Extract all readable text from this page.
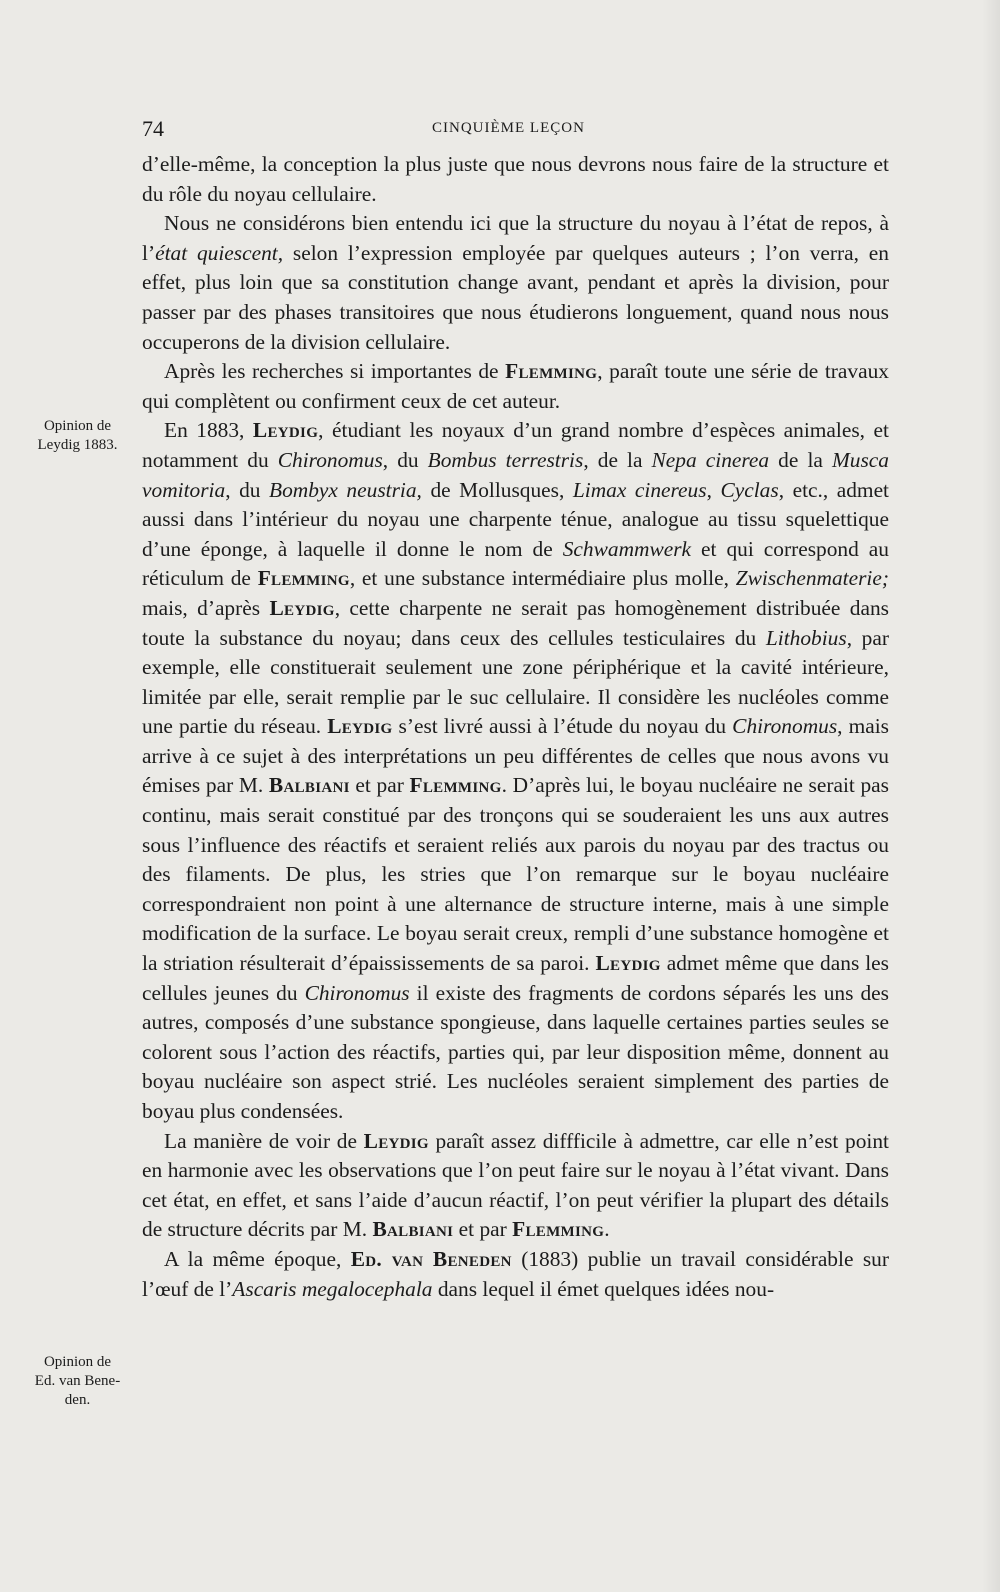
74	CINQUIÈME LEÇON
Opinion de
Leydig 1883.
Opinion de
Ed. van Bene-
den.

d’elle-même, la conception la plus juste que nous devrons nous faire de la structure et du rôle du noyau cellulaire.

Nous ne considérons bien entendu ici que la structure du noyau à l’état de repos, à l’état quiescent, selon l’expression employée par quelques auteurs ; l’on verra, en effet, plus loin que sa constitution change avant, pendant et après la division, pour passer par des phases transitoires que nous étudierons longuement, quand nous nous occuperons de la division cellulaire.

Après les recherches si importantes de Flemming, paraît toute une série de travaux qui complètent ou confirment ceux de cet auteur.

En 1883, Leydig, étudiant les noyaux d’un grand nombre d’espèces animales, et notamment du Chironomus, du Bombus terrestris, de la Nepa cinerea de la Musca vomitoria, du Bombyx neustria, de Mollusques, Limax cinereus, Cyclas, etc., admet aussi dans l’intérieur du noyau une charpente ténue, analogue au tissu squelettique d’une éponge, à laquelle il donne le nom de Schwammwerk et qui correspond au réticulum de Flemming, et une substance intermédiaire plus molle, Zwischenmaterie; mais, d’après Leydig, cette charpente ne serait pas homogènement distribuée dans toute la substance du noyau; dans ceux des cellules testiculaires du Lithobius, par exemple, elle constituerait seulement une zone périphérique et la cavité intérieure, limitée par elle, serait remplie par le suc cellulaire. Il considère les nucléoles comme une partie du réseau. Leydig s’est livré aussi à l’étude du noyau du Chironomus, mais arrive à ce sujet à des interprétations un peu différentes de celles que nous avons vu émises par M. Balbiani et par Flemming. D’après lui, le boyau nucléaire ne serait pas continu, mais serait constitué par des tronçons qui se souderaient les uns aux autres sous l’influence des réactifs et seraient reliés aux parois du noyau par des tractus ou des filaments. De plus, les stries que l’on remarque sur le boyau nucléaire correspondraient non point à une alternance de structure interne, mais à une simple modification de la surface. Le boyau serait creux, rempli d’une substance homogène et la striation résulterait d’épaississements de sa paroi. Leydig admet même que dans les cellules jeunes du Chironomus il existe des fragments de cordons séparés les uns des autres, composés d’une substance spongieuse, dans laquelle certaines parties seules se colorent sous l’action des réactifs, parties qui, par leur disposition même, donnent au boyau nucléaire son aspect strié. Les nucléoles seraient simplement des parties de boyau plus condensées.

La manière de voir de Leydig paraît assez diffficile à admettre, car elle n’est point en harmonie avec les observations que l’on peut faire sur le noyau à l’état vivant. Dans cet état, en effet, et sans l’aide d’aucun réactif, l’on peut vérifier la plupart des détails de structure décrits par M. Balbiani et par Flemming.

A la même époque, Ed. van Beneden (1883) publie un travail considérable sur l’œuf de l’Ascaris megalocephala dans lequel il émet quelques idées nou-
